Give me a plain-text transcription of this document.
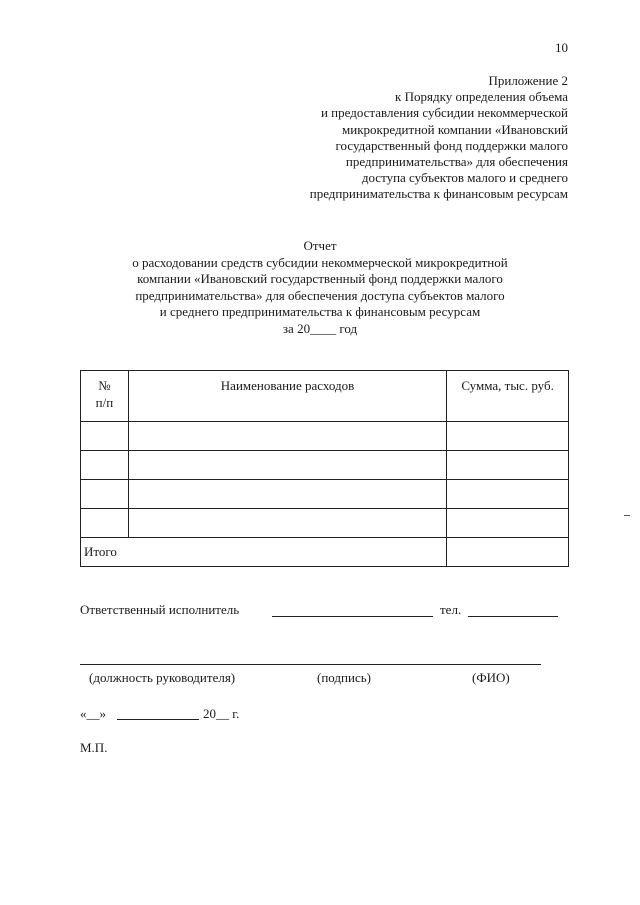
10
Приложение 2
к Порядку определения объема
и предоставления субсидии некоммерческой
микрокредитной компании «Ивановский
государственный фонд поддержки малого
предпринимательства» для обеспечения
доступа субъектов малого и среднего
предпринимательства к финансовым ресурсам
Отчет
о расходовании средств субсидии некоммерческой микрокредитной
компании «Ивановский государственный фонд поддержки малого
предпринимательства» для обеспечения доступа субъектов малого
и среднего предпринимательства к финансовым ресурсам
за 20____ год
№
п/п	Наименование расходов	Сумма, тыс. руб.

Итого		
Ответственный исполнитель	тел.
(должность руководителя)	(подпись)	(ФИО)
«__»	20__ г.
М.П.
